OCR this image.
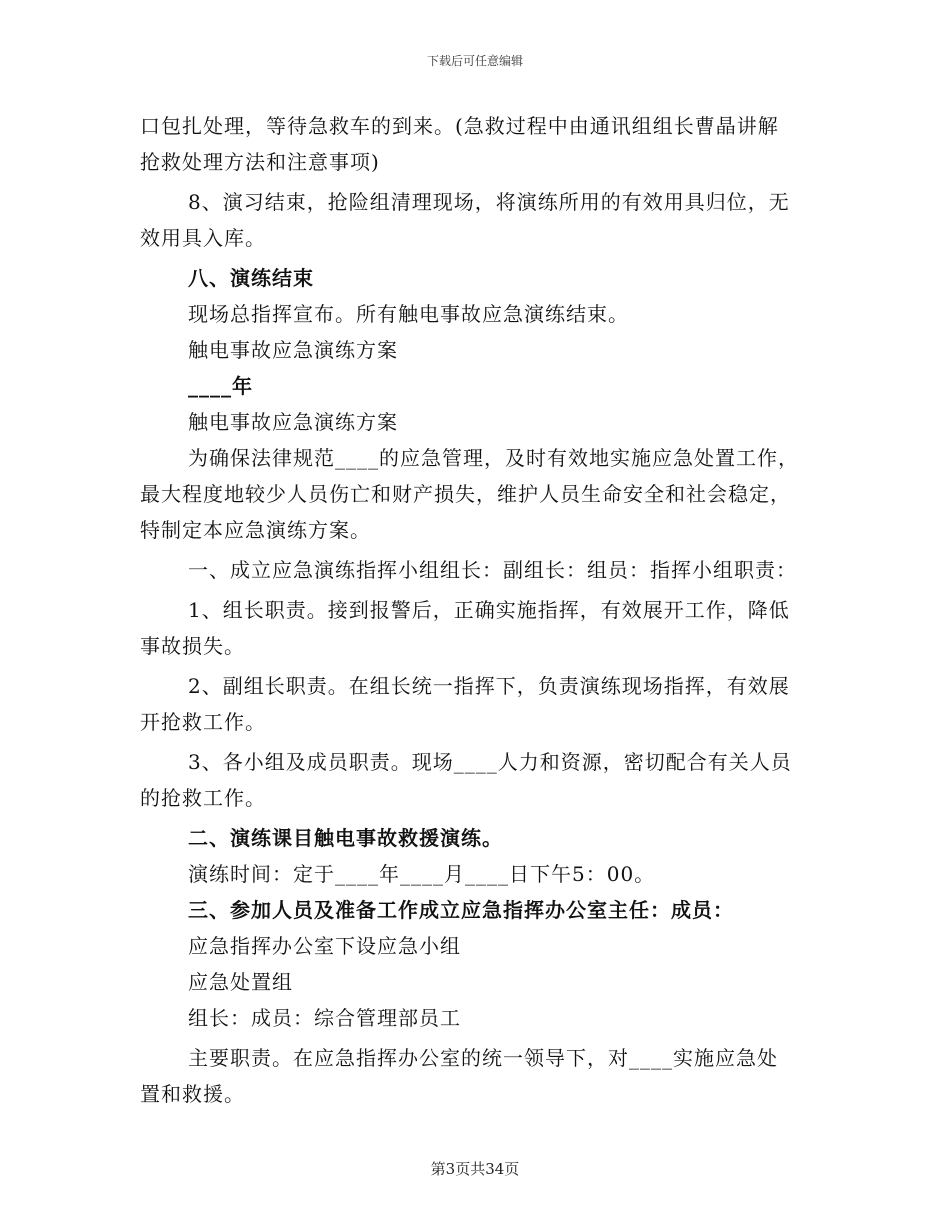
下载后可任意编辑

口包扎处理，等待急救车的到来。(急救过程中由通讯组组长曹晶讲解

抢救处理方法和注意事项)

8、演习结束，抢险组清理现场，将演练所用的有效用具归位，无

效用具入库。

八、演练结束

现场总指挥宣布。所有触电事故应急演练结束。

触电事故应急演练方案

____年

触电事故应急演练方案

为确保法律规范____的应急管理，及时有效地实施应急处置工作，

最大程度地较少人员伤亡和财产损失，维护人员生命安全和社会稳定，

特制定本应急演练方案。

一、成立应急演练指挥小组组长：副组长：组员：指挥小组职责：

1、组长职责。接到报警后，正确实施指挥，有效展开工作，降低

事故损失。

2、副组长职责。在组长统一指挥下，负责演练现场指挥，有效展

开抢救工作。

3、各小组及成员职责。现场____人力和资源，密切配合有关人员

的抢救工作。

二、演练课目触电事故救援演练。

演练时间：定于____年____月____日下午5：00。

三、参加人员及准备工作成立应急指挥办公室主任：成员：

应急指挥办公室下设应急小组

应急处置组

组长：成员：综合管理部员工

主要职责。在应急指挥办公室的统一领导下，对____实施应急处

置和救援。

第3页共34页
